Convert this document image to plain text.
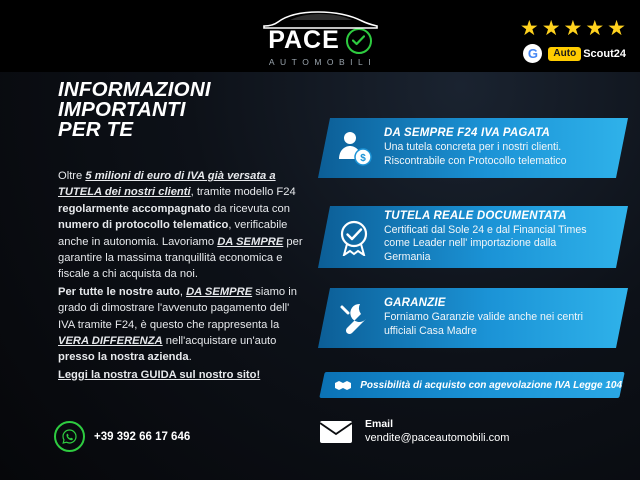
PACE
AUTOMOBILI
★ ★ ★ ★ ★
G	Auto Scout24
INFORMAZIONI
IMPORTANTI
PER TE

Oltre 5 milioni di euro di IVA già versata a TUTELA dei nostri clienti, tramite modello F24 regolarmente accompagnato da ricevuta con numero di protocollo telematico, verificabile anche in autonomia. Lavoriamo DA SEMPRE per garantire la massima tranquillità economica e fiscale a chi acquista da noi.

Per tutte le nostre auto, DA SEMPRE siamo in grado di dimostrare l'avvenuto pagamento dell' IVA tramite F24, è questo che rappresenta la VERA DIFFERENZA nell'acquistare un'auto presso la nostra azienda.

Leggi la nostra GUIDA sul nostro sito!

$
DA SEMPRE F24 IVA PAGATA
Una tutela concreta per i nostri clienti.
Riscontrabile con Protocollo telematico
TUTELA REALE DOCUMENTATA
Certificati dal Sole 24 e dal Financial Times
come Leader nell' importazione dalla Germania
GARANZIE
Forniamo Garanzie valide anche nei centri
ufficiali Casa Madre
Possibilità di acquisto con agevolazione IVA Legge 104
+39 392 66 17 646
Email
vendite@paceautomobili.com
